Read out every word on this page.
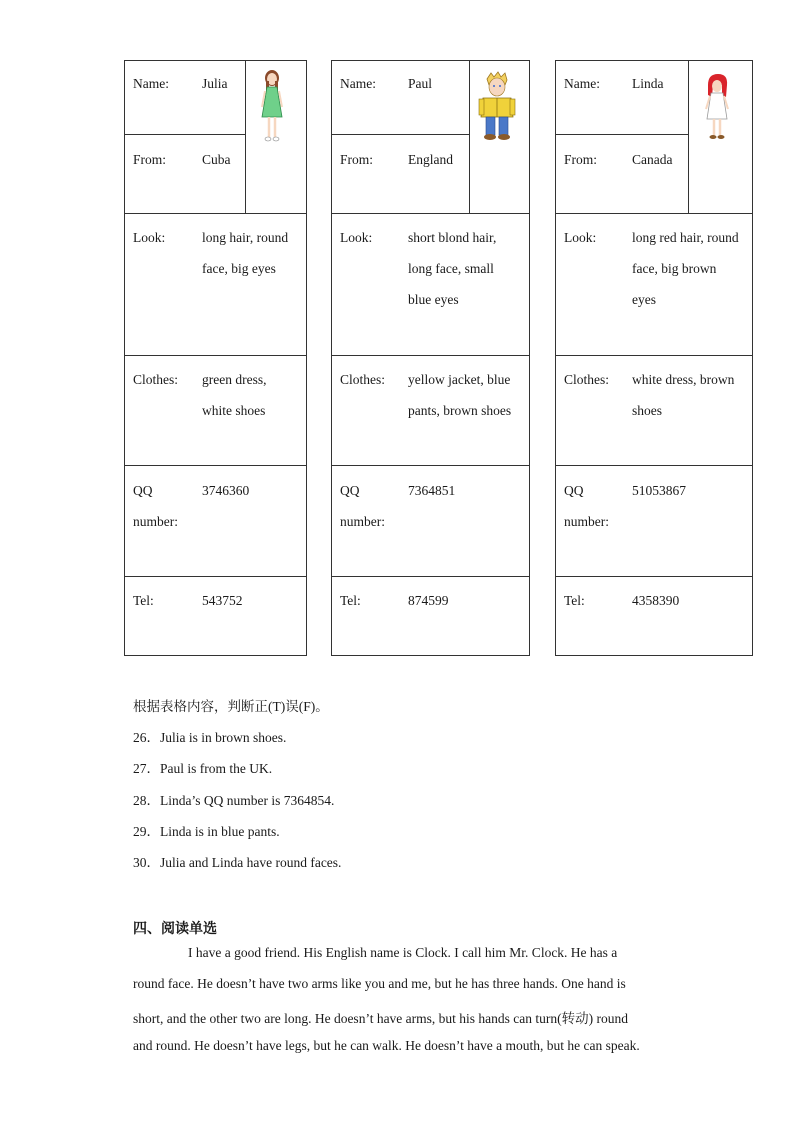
Name: Julia
From:	Cuba
Look:	long hair, round
face, big eyes
Clothes: green dress,
white shoes
QQ
number:
3746360
Tel:	543752
Name: Paul
From:	England
Look:	short blond hair,
long face, small
blue eyes
Clothes: yellow jacket, blue
pants, brown shoes
QQ
number:
7364851
Tel:	874599
Name: Linda
From:	Canada
Look:	long red hair, round
face, big brown
eyes
Clothes: white dress, brown
shoes
QQ
number:
51053867
Tel:	4358390
根据表格内容，判断正(T)误(F)。
26．Julia is in brown shoes.
27．Paul is from the UK.
28．Linda’s QQ number is 7364854.
29．Linda is in blue pants.
30．Julia and Linda have round faces.
四、阅读单选
I have a good friend. His English name is Clock. I call him Mr. Clock. He has a
round face. He doesn’t have two arms like you and me, but he has three hands. One hand is
short, and the other two are long. He doesn’t have arms, but his hands can turn(转动) round
and round. He doesn’t have legs, but he can walk. He doesn’t have a mouth, but he can speak.
